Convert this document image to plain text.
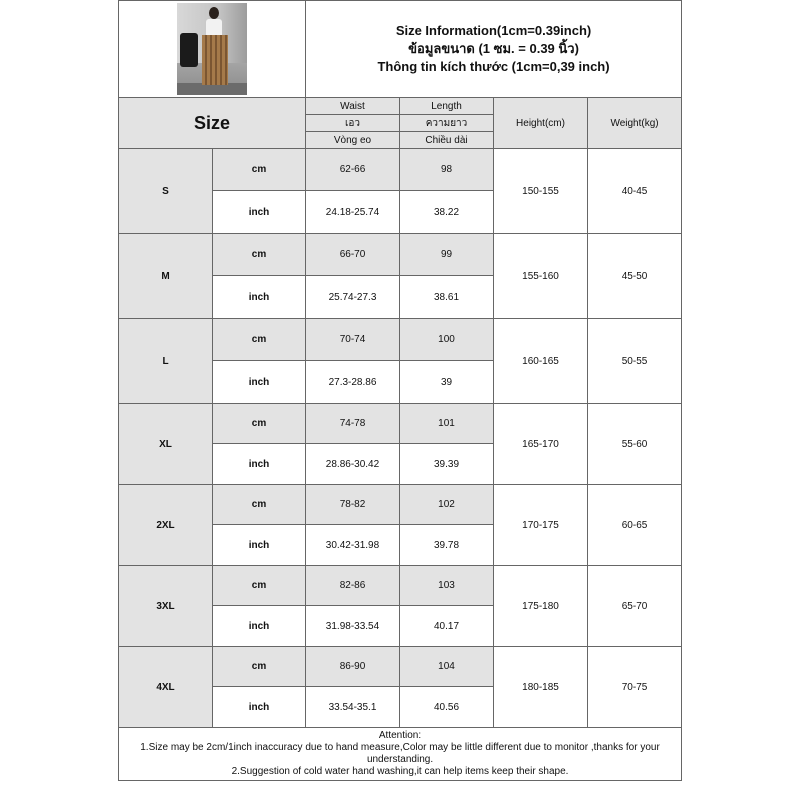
		Size Information(1cm=0.39inch)
ข้อมูลขนาด (1 ซม. = 0.39 นิ้ว)
Thông tin kích thước (1cm=0,39 inch)			

Size		Waist	Length	Height(cm)	Weight(kg)
		เอว	ความยาว		
		Vòng eo	Chiều dài		
S	cm	62-66	98	150-155	40-45
	inch	24.18-25.74	38.22		
M	cm	66-70	99	155-160	45-50
	inch	25.74-27.3	38.61		
L	cm	70-74	100	160-165	50-55
	inch	27.3-28.86	39		
XL	cm	74-78	101	165-170	55-60
	inch	28.86-30.42	39.39		
2XL	cm	78-82	102	170-175	60-65
	inch	30.42-31.98	39.78		
3XL	cm	82-86	103	175-180	65-70
	inch	31.98-33.54	40.17		
4XL	cm	86-90	104	180-185	70-75
	inch	33.54-35.1	40.56		

Attention:
1.Size may be 2cm/1inch inaccuracy due to hand measure,Color may be little different due to monitor ,thanks for your understanding.
2.Suggestion of cold water hand washing,it can help items keep their shape.					
